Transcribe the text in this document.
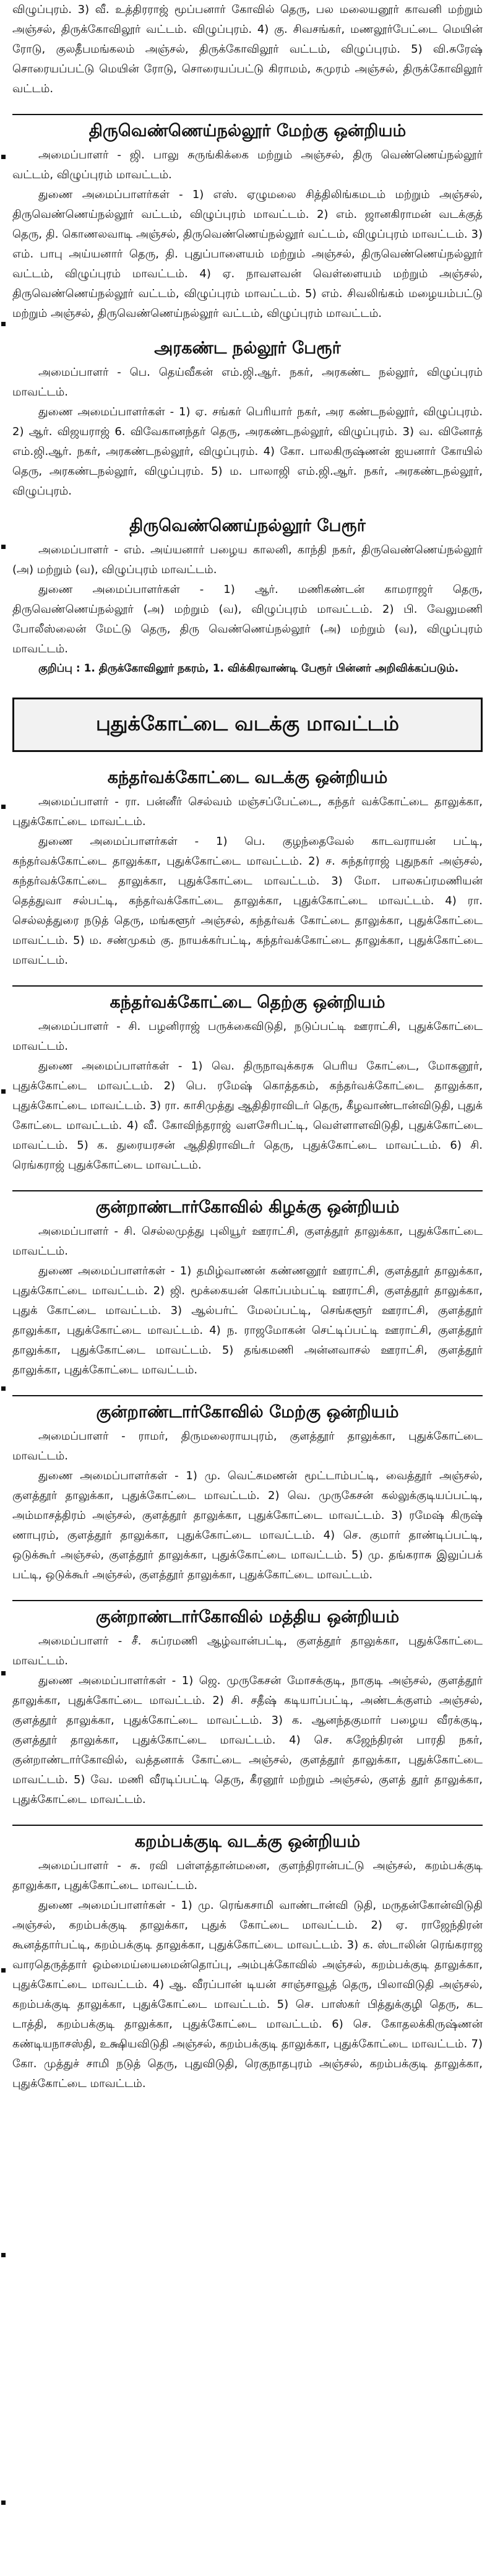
விழுப்புரம். 3) வீ. உத்திரராஜ் மூப்பனார் கோவில் தெரு, பல மலையனூர் காவனி மற்றும் அஞ்சல், திருக்கோவிலூர் வட்டம். விழுப்புரம். 4) கு. சிவசங்கர், மணலூர்பேட்டை மெயின் ரோடு, குலதீபமங்கலம் அஞ்சல், திருக்கோவிலூர் வட்டம், விழுப்புரம். 5) வி.சுரேஷ் சொரையப்பட்டு மெயின் ரோடு, சொரையப்பட்டு கிராமம், சுமுரம் அஞ்சல், திருக்கோவிலூர் வட்டம்.

திருவெண்ணெய்நல்லூர் மேற்கு ஒன்றியம்

அமைப்பாளர் - ஜி. பாலு சுருங்கிக்கை மற்றும் அஞ்சல், திரு வெண்ணெய்நல்லூர் வட்டம், விழுப்புரம் மாவட்டம்.

துணை அமைப்பாளர்கள் - 1) எஸ். ஏழுமலை சித்திலிங்கமடம் மற்றும் அஞ்சல், திருவெண்ணெய்நல்லூர் வட்டம், விழுப்புரம் மாவட்டம். 2) எம். ஜானகிராமன் வடக்குத் தெரு, தி. கொணலவாடி அஞ்சல், திருவெண்ணெய்நல்லூர் வட்டம், விழுப்புரம் மாவட்டம். 3) எம். பாபு அய்யனார் தெரு, தி. புதுப்பாளையம் மற்றும் அஞ்சல், திருவெண்ணெய்நல்லூர் வட்டம், விழுப்புரம் மாவட்டம். 4) ஏ. நாவளவன் வெள்ளையம் மற்றும் அஞ்சல், திருவெண்ணெய்நல்லூர் வட்டம், விழுப்புரம் மாவட்டம். 5) எம். சிவலிங்கம் மழையம்பட்டு மற்றும் அஞ்சல், திருவெண்ணெய்நல்லூர் வட்டம், விழுப்புரம் மாவட்டம்.

அரகண்ட நல்லூர் பேரூர்

அமைப்பாளர் - பெ. தெய்வீகன் எம்.ஜி.ஆர். நகர், அரகண்ட நல்லூர், விழுப்புரம் மாவட்டம்.

துணை அமைப்பாளர்கள் - 1) ஏ. சங்கர் பெரியார் நகர், அர கண்டநல்லூர், விழுப்புரம். 2) ஆர். விஜயராஜ் 6. விவேகானந்தர் தெரு, அரகண்டநல்லூர், விழுப்புரம். 3) வ. வினோத் எம்.ஜி.ஆர். நகர், அரகண்டநல்லூர், விழுப்புரம். 4) கோ. பாலகிருஷ்ணன் ஐயனார் கோயில் தெரு, அரகண்டநல்லூர், விழுப்புரம். 5) ம. பாலாஜி எம்.ஜி.ஆர். நகர், அரகண்டநல்லூர், விழுப்புரம்.

திருவெண்ணெய்நல்லூர் பேரூர்

அமைப்பாளர் - எம். அய்யனார் பழைய காலனி, காந்தி நகர், திருவெண்ணெய்நல்லூர் (அ) மற்றும் (வ), விழுப்புரம் மாவட்டம்.

துணை அமைப்பாளர்கள் - 1) ஆர். மணிகண்டன் காமராஜர் தெரு, திருவெண்ணெய்நல்லூர் (அ) மற்றும் (வ), விழுப்புரம் மாவட்டம். 2) பி. வேலுமணி போலீஸ்லைன் மேட்டு தெரு, திரு வெண்ணெய்நல்லூர் (அ) மற்றும் (வ), விழுப்புரம் மாவட்டம்.

குறிப்பு : 1. திருக்கோவிலூர் நகரம், 1. விக்கிரவாண்டி பேரூர் பின்னர் அறிவிக்கப்படும்.

புதுக்கோட்டை வடக்கு மாவட்டம்
கந்தர்வக்கோட்டை வடக்கு ஒன்றியம்

அமைப்பாளர் - ரா. பன்னீர் செல்வம் மஞ்சப்பேட்டை, கந்தர் வக்கோட்டை தாலுக்கா, புதுக்கோட்டை மாவட்டம்.

துணை அமைப்பாளர்கள் - 1) பெ. குழந்தைவேல் காடவராயன் பட்டி, கந்தர்வக்கோட்டை தாலுக்கா, புதுக்கோட்டை மாவட்டம். 2) ச. சுந்தர்ராஜ் புதுநகர் அஞ்சல், கந்தர்வக்கோட்டை தாலுக்கா, புதுக்கோட்டை மாவட்டம். 3) மோ. பாலசுப்ரமணியன் தெத்துவா சல்பட்டி, கந்தர்வக்கோட்டை தாலுக்கா, புதுக்கோட்டை மாவட்டம். 4) ரா. செல்லத்துரை நடுத் தெரு, மங்களூர் அஞ்சல், கந்தர்வக் கோட்டை தாலுக்கா, புதுக்கோட்டை மாவட்டம். 5) ம. சண்முகம் கு. நாயக்கர்பட்டி, கந்தர்வக்கோட்டை தாலுக்கா, புதுக்கோட்டை மாவட்டம்.

கந்தர்வக்கோட்டை தெற்கு ஒன்றியம்

அமைப்பாளர் - சி. பழனிராஜ் பருக்கைவிடுதி, நடுப்பட்டி ஊராட்சி, புதுக்கோட்டை மாவட்டம்.

துணை அமைப்பாளர்கள் - 1) வெ. திருநாவுக்கரசு பெரிய கோட்டை, மோகனூர், புதுக்கோட்டை மாவட்டம். 2) பெ. ரமேஷ் கொத்தகம், கந்தர்வக்கோட்டை தாலுக்கா, புதுக்கோட்டை மாவட்டம். 3) ரா. காசிமுத்து ஆதிதிராவிடர் தெரு, கீழவாண்டான்விடுதி, புதுக் கோட்டை மாவட்டம். 4) வீ. கோவிந்தராஜ் வளசேரிபட்டி, வெள்ளாளவிடுதி, புதுக்கோட்டை மாவட்டம். 5) க. துரையரசன் ஆதிதிராவிடர் தெரு, புதுக்கோட்டை மாவட்டம். 6) சி. ரெங்கராஜ் புதுக்கோட்டை மாவட்டம்.

குன்றாண்டார்கோவில் கிழக்கு ஒன்றியம்

அமைப்பாளர் - சி. செல்லமுத்து புலியூர் ஊராட்சி, குளத்தூர் தாலுக்கா, புதுக்கோட்டை மாவட்டம்.

துணை அமைப்பாளர்கள் - 1) தமிழ்வாணன் கண்ணனூர் ஊராட்சி, குளத்தூர் தாலுக்கா, புதுக்கோட்டை மாவட்டம். 2) ஜி. மூக்கையன் கொப்பம்பட்டி ஊராட்சி, குளத்தூர் தாலுக்கா, புதுக் கோட்டை மாவட்டம். 3) ஆல்பர்ட் மேலப்பட்டி, செங்களூர் ஊராட்சி, குளத்தூர் தாலுக்கா, புதுக்கோட்டை மாவட்டம். 4) ந. ராஜமோகன் செட்டிப்பட்டி ஊராட்சி, குளத்தூர் தாலுக்கா, புதுக்கோட்டை மாவட்டம். 5) தங்கமணி அன்னவாசல் ஊராட்சி, குளத்தூர் தாலுக்கா, புதுக்கோட்டை மாவட்டம்.

குன்றாண்டார்கோவில் மேற்கு ஒன்றியம்

அமைப்பாளர் - ராமர், திருமலைராயபுரம், குளத்தூர் தாலுக்கா, புதுக்கோட்டை மாவட்டம்.

துணை அமைப்பாளர்கள் - 1) மு. வெட்சுமணன் மூட்டாம்பட்டி, வைத்தூர் அஞ்சல், குளத்தூர் தாலுக்கா, புதுக்கோட்டை மாவட்டம். 2) வெ. முருகேசன் கல்லுக்குடியப்பட்டி, அம்மாசத்திரம் அஞ்சல், குளத்தூர் தாலுக்கா, புதுக்கோட்டை மாவட்டம். 3) ரமேஷ் கிருஷ் ணாபுரம், குளத்தூர் தாலுக்கா, புதுக்கோட்டை மாவட்டம். 4) செ. குமார் தாண்டிப்பட்டி, ஒடுக்கூர் அஞ்சல், குளத்தூர் தாலுக்கா, புதுக்கோட்டை மாவட்டம். 5) மு. தங்கராசு இலுப்பக் பட்டி, ஒடுக்கூர் அஞ்சல், குளத்தூர் தாலுக்கா, புதுக்கோட்டை மாவட்டம்.

குன்றாண்டார்கோவில் மத்திய ஒன்றியம்

அமைப்பாளர் - சீ. சுப்ரமணி ஆழ்வான்பட்டி, குளத்தூர் தாலுக்கா, புதுக்கோட்டை மாவட்டம்.

துணை அமைப்பாளர்கள் - 1) ஜெ. முருகேசன் மோசக்குடி, நாகுடி அஞ்சல், குளத்தூர் தாலுக்கா, புதுக்கோட்டை மாவட்டம். 2) சி. சதீஷ் கடியாப்பட்டி, அண்டக்குளம் அஞ்சல், குளத்தூர் தாலுக்கா, புதுக்கோட்டை மாவட்டம். 3) க. ஆனந்தகுமார் பழைய வீரக்குடி, குளத்தூர் தாலுக்கா, புதுக்கோட்டை மாவட்டம். 4) செ. கஜேந்திரன் பாரதி நகர், குன்றாண்டார்கோவில், வத்தனாக் கோட்டை அஞ்சல், குளத்தூர் தாலுக்கா, புதுக்கோட்டை மாவட்டம். 5) வே. மணி வீரடிப்பட்டி தெரு, கீரனூர் மற்றும் அஞ்சல், குளத் தூர் தாலுக்கா, புதுக்கோட்டை மாவட்டம்.

கறம்பக்குடி வடக்கு ஒன்றியம்

அமைப்பாளர் - சு. ரவி பள்ளத்தான்மனை, குளந்திரான்பட்டு அஞ்சல், கறம்பக்குடி தாலுக்கா, புதுக்கோட்டை மாவட்டம்.

துணை அமைப்பாளர்கள் - 1) மு. ரெங்கசாமி வாண்டான்வி டுதி, மருதன்கோன்விடுதி அஞ்சல், கறம்பக்குடி தாலுக்கா, புதுக் கோட்டை மாவட்டம். 2) ஏ. ராஜேந்திரன் கூனத்தார்பட்டி, கறம்பக்குடி தாலுக்கா, புதுக்கோட்டை மாவட்டம். 3) க. ஸ்டாலின் ரெங்கராஜ வாரதெருத்தார் ஒம்மைய்யைமைன்தொப்பு, அம்புக்கோவில் அஞ்சல், கறம்பக்குடி தாலுக்கா, புதுக்கோட்டை மாவட்டம். 4) ஆ. வீரப்பான் டியன் சாஞ்சாவூத் தெரு, பிலாவிடுதி அஞ்சல், கறம்பக்குடி தாலுக்கா, புதுக்கோட்டை மாவட்டம். 5) செ. பாஸ்கர் பித்துக்குழி தெரு, கட டாத்தி, கறம்பக்குடி தாலுக்கா, புதுக்கோட்டை மாவட்டம். 6) செ. கோதலக்கிருஷ்ணன் கண்டியநாசஸ்தி, உக்ஷியவிடுதி அஞ்சல், கறம்பக்குடி தாலுக்கா, புதுக்கோட்டை மாவட்டம். 7) கோ. முத்துச் சாமி நடுத் தெரு, புதுவிடுதி, ரெகுநாதபுரம் அஞ்சல், கறம்பக்குடி தாலுக்கா, புதுக்கோட்டை மாவட்டம்.
